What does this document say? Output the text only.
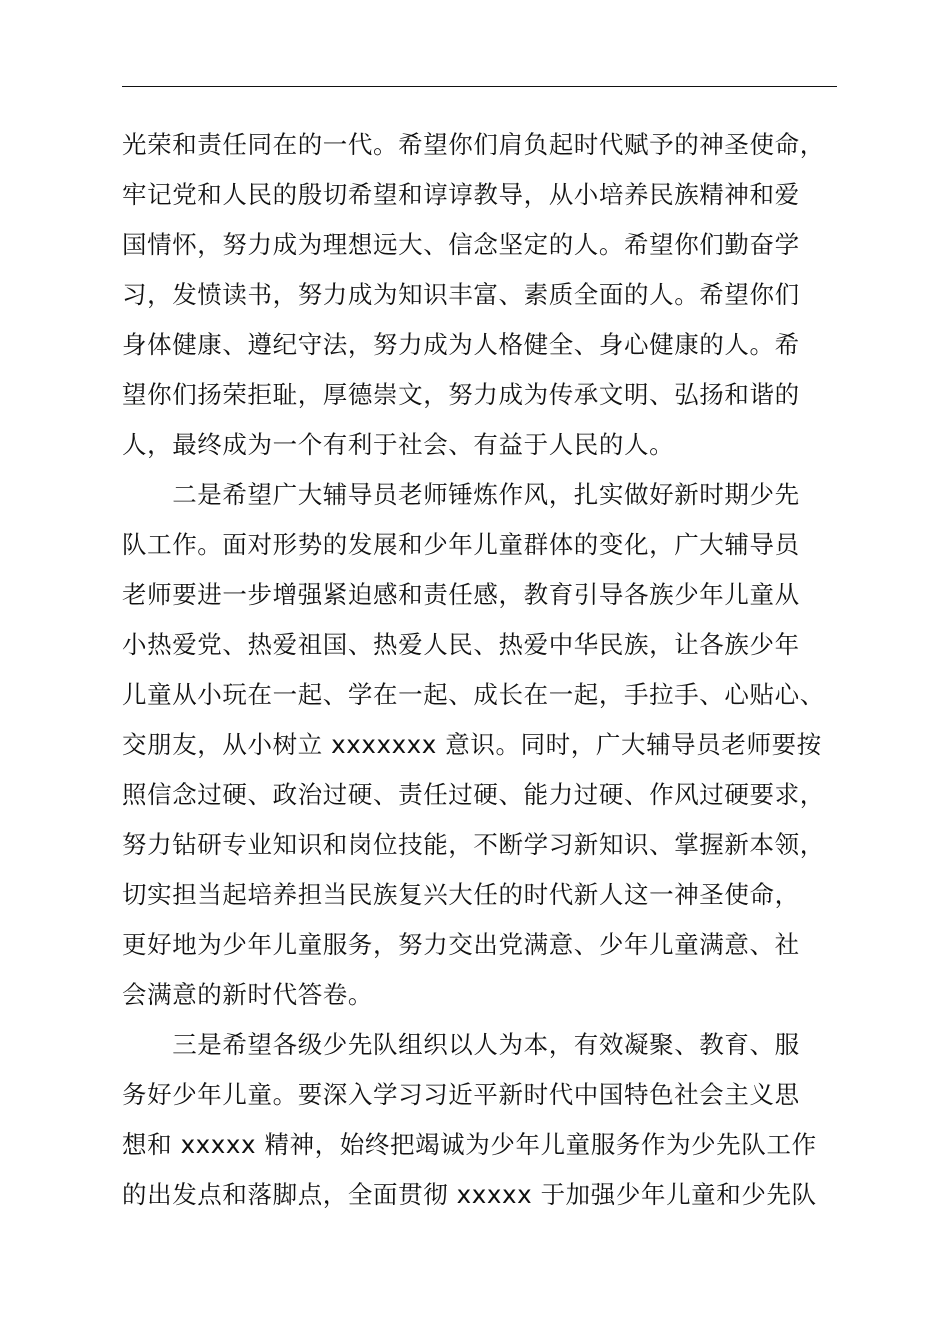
光荣和责任同在的一代。希望你们肩负起时代赋予的神圣使命，
牢记党和人民的殷切希望和谆谆教导，从小培养民族精神和爱
国情怀，努力成为理想远大、信念坚定的人。希望你们勤奋学
习，发愤读书，努力成为知识丰富、素质全面的人。希望你们
身体健康、遵纪守法，努力成为人格健全、身心健康的人。希
望你们扬荣拒耻，厚德崇文，努力成为传承文明、弘扬和谐的
人，最终成为一个有利于社会、有益于人民的人。
　　二是希望广大辅导员老师锤炼作风，扎实做好新时期少先
队工作。面对形势的发展和少年儿童群体的变化，广大辅导员
老师要进一步增强紧迫感和责任感，教育引导各族少年儿童从
小热爱党、热爱祖国、热爱人民、热爱中华民族，让各族少年
儿童从小玩在一起、学在一起、成长在一起，手拉手、心贴心、
交朋友，从小树立 xxxxxxx 意识。同时，广大辅导员老师要按
照信念过硬、政治过硬、责任过硬、能力过硬、作风过硬要求，
努力钻研专业知识和岗位技能，不断学习新知识、掌握新本领，
切实担当起培养担当民族复兴大任的时代新人这一神圣使命，
更好地为少年儿童服务，努力交出党满意、少年儿童满意、社
会满意的新时代答卷。
　　三是希望各级少先队组织以人为本，有效凝聚、教育、服
务好少年儿童。要深入学习习近平新时代中国特色社会主义思
想和 xxxxx 精神，始终把竭诚为少年儿童服务作为少先队工作
的出发点和落脚点，全面贯彻 xxxxx 于加强少年儿童和少先队
